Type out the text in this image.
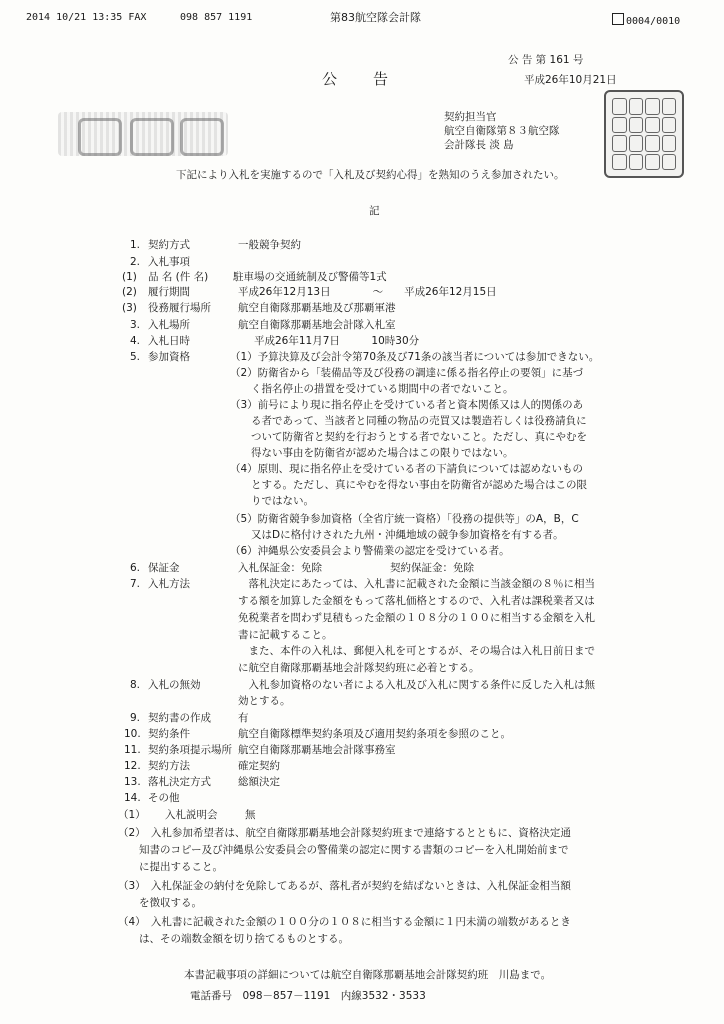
2014 10/21 13:35 FAX	098 857 1191	第83航空隊会計隊	0004/0010
公 告 第 161 号
公　　告	平成26年10月21日
契約担当官
航空自衛隊第８３航空隊
会計隊長 淡 島
下記により入札を実施するので「入札及び契約心得」を熟知のうえ参加されたい。
記
1. 契約方式	一般競争契約
2. 入札事項
(1) 品 名 (件 名) 駐車場の交通統制及び警備等1式
(2) 履行期間	平成26年12月13日　　　　～　　平成26年12月15日
(3) 役務履行場所	航空自衛隊那覇基地及び那覇軍港
3. 入札場所	航空自衛隊那覇基地会計隊入札室
4. 入札日時	平成26年11月7日　　　10時30分
5. 参加資格	（1）予算決算及び会計令第70条及び71条の該当者については参加できない。
（2）防衛省から「装備品等及び役務の調達に係る指名停止の要領」に基づ
　　く指名停止の措置を受けている期間中の者でないこと。
（3）前号により現に指名停止を受けている者と資本関係又は人的関係のあ
　　る者であって、当該者と同種の物品の売買又は製造若しくは役務請負に
　　ついて防衛省と契約を行おうとする者でないこと。ただし、真にやむを
　　得ない事由を防衛省が認めた場合はこの限りではない。
（4）原則、現に指名停止を受けている者の下請負については認めないもの
　　とする。ただし、真にやむを得ない事由を防衛省が認めた場合はこの限
　　りではない。
（5）防衛省競争参加資格（全省庁統一資格）「役務の提供等」のA，B，C
　　又はDに格付けされた九州・沖縄地域の競争参加資格を有する者。
（6）沖縄県公安委員会より警備業の認定を受けている者。
6. 保証金	入札保証金：免除	契約保証金：免除
7. 入札方法	　落札決定にあたっては、入札書に記載された金額に当該金額の８％に相当
する額を加算した金額をもって落札価格とするので、入札者は課税業者又は
免税業者を問わず見積もった金額の１０８分の１００に相当する金額を入札
書に記載すること。
　また、本件の入札は、郵便入札を可とするが、その場合は入札日前日まで
に航空自衛隊那覇基地会計隊契約班に必着とする。
8. 入札の無効	　入札参加資格のない者による入札及び入札に関する条件に反した入札は無
効とする。
9. 契約書の作成	有
10. 契約条件	航空自衛隊標準契約条項及び適用契約条項を参照のこと。
11. 契約条項提示場所 航空自衛隊那覇基地会計隊事務室
12. 契約方法	確定契約
13. 落札決定方式	総額決定
14. その他
（1） 入札説明会	無
（2）　入札参加希望者は、航空自衛隊那覇基地会計隊契約班まで連絡するとともに、資格決定通
　　知書のコピー及び沖縄県公安委員会の警備業の認定に関する書類のコピーを入札開始前まで
　　に提出すること。
（3）　入札保証金の納付を免除してあるが、落札者が契約を結ばないときは、入札保証金相当額
　　を徴収する。
（4）　入札書に記載された金額の１００分の１０８に相当する金額に１円未満の端数があるとき
　　は、その端数金額を切り捨てるものとする。
本書記載事項の詳細については航空自衛隊那覇基地会計隊契約班　川島まで。
電話番号　098－857－1191　内線3532・3533
